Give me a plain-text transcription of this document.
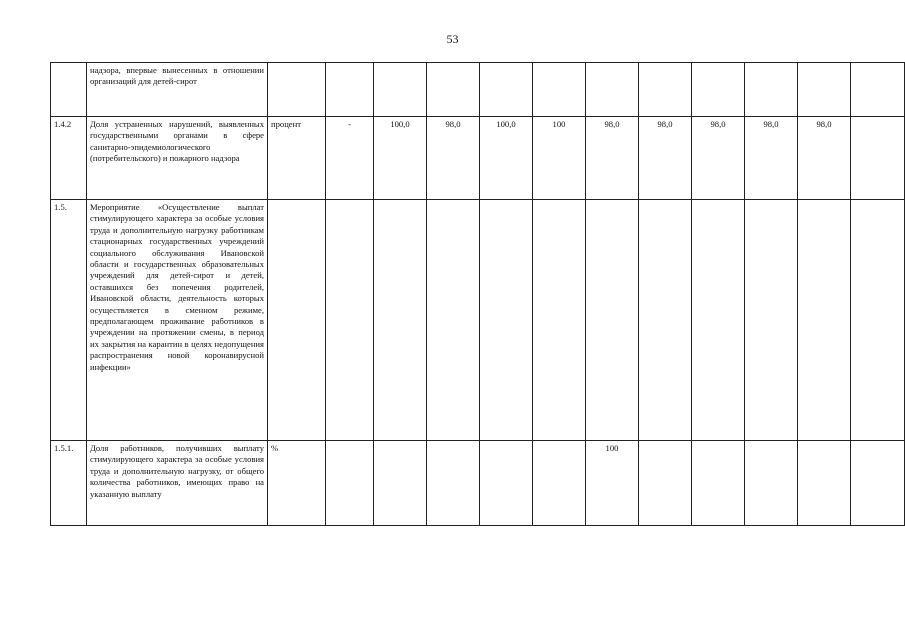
53
	надзора, впервые вынесенных в отношении организаций для детей-сирот												
1.4.2	Доля устраненных нарушений, выявленных государственными органами в сфере санитарно-эпидемиологического (потребительского) и пожарного надзора	процент	-	100,0	98,0	100,0	100	98,0	98,0	98,0	98,0	98,0	
1.5.	Мероприятие «Осуществление выплат стимулирующего характера за особые условия труда и дополнительную нагрузку работникам стационарных государственных учреждений социального обслуживания Ивановской области и государственных образовательных учреждений для детей-сирот и детей, оставшихся без попечения родителей, Ивановской области, деятельность которых осуществляется в сменном режиме, предполагающем проживание работников в учреждении на протяжении смены, в период их закрытия на карантин в целях недопущения распространения новой коронавирусной инфекции»												
1.5.1.	Доля работников, получивших выплату стимулирующего характера за особые условия труда и дополнительную нагрузку, от общего количества работников, имеющих право на указанную выплату	%						100					
